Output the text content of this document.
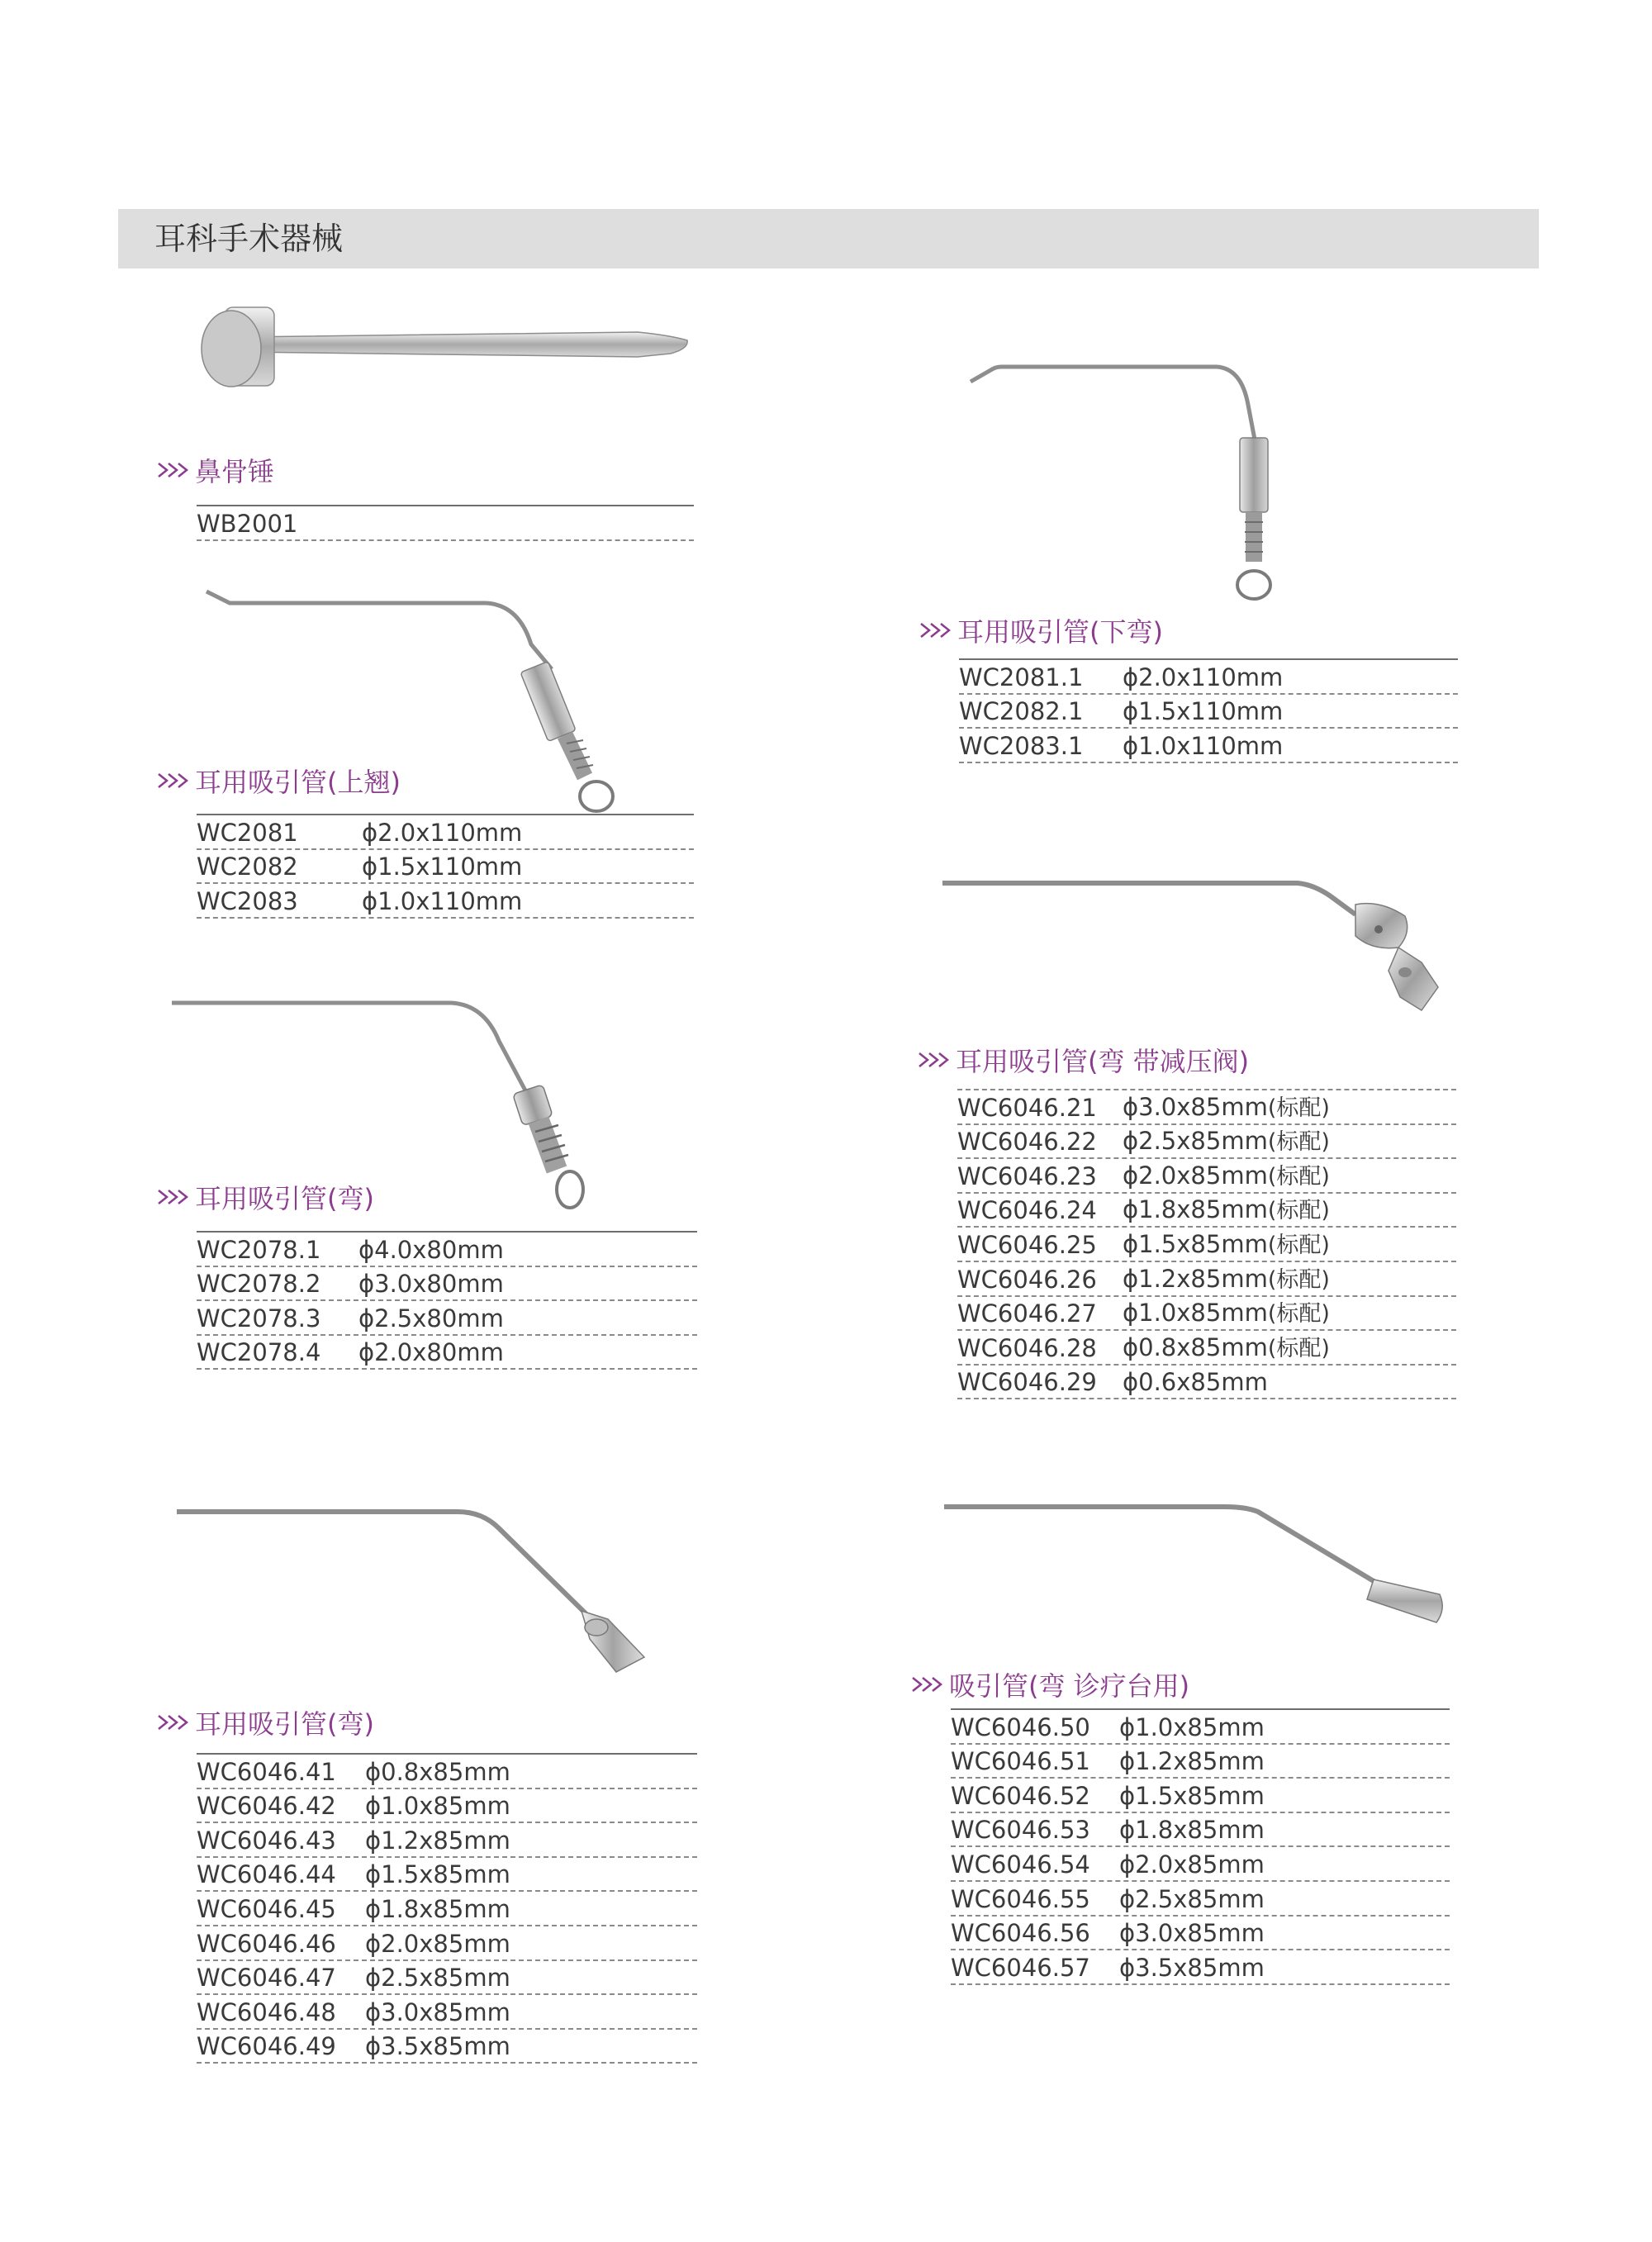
耳科手术器械
鼻骨锤
WB2001
耳用吸引管(上翘)
WC2081	ϕ2.0x110mm
WC2082	ϕ1.5x110mm
WC2083	ϕ1.0x110mm
耳用吸引管(弯)
WC2078.1 ϕ4.0x80mm
WC2078.2 ϕ3.0x80mm
WC2078.3 ϕ2.5x80mm
WC2078.4 ϕ2.0x80mm
耳用吸引管(弯)
WC6046.41 ϕ0.8x85mm
WC6046.42 ϕ1.0x85mm
WC6046.43 ϕ1.2x85mm
WC6046.44 ϕ1.5x85mm
WC6046.45 ϕ1.8x85mm
WC6046.46 ϕ2.0x85mm
WC6046.47 ϕ2.5x85mm
WC6046.48 ϕ3.0x85mm
WC6046.49 ϕ3.5x85mm
耳用吸引管(下弯)
WC2081.1 ϕ2.0x110mm
WC2082.1 ϕ1.5x110mm
WC2083.1 ϕ1.0x110mm
耳用吸引管(弯 带减压阀)
WC6046.21 ϕ3.0x85mm(标配)
WC6046.22 ϕ2.5x85mm(标配)
WC6046.23 ϕ2.0x85mm(标配)
WC6046.24 ϕ1.8x85mm(标配)
WC6046.25 ϕ1.5x85mm(标配)
WC6046.26 ϕ1.2x85mm(标配)
WC6046.27 ϕ1.0x85mm(标配)
WC6046.28 ϕ0.8x85mm(标配)
WC6046.29 ϕ0.6x85mm
吸引管(弯 诊疗台用)
WC6046.50 ϕ1.0x85mm
WC6046.51 ϕ1.2x85mm
WC6046.52 ϕ1.5x85mm
WC6046.53 ϕ1.8x85mm
WC6046.54 ϕ2.0x85mm
WC6046.55 ϕ2.5x85mm
WC6046.56 ϕ3.0x85mm
WC6046.57 ϕ3.5x85mm
